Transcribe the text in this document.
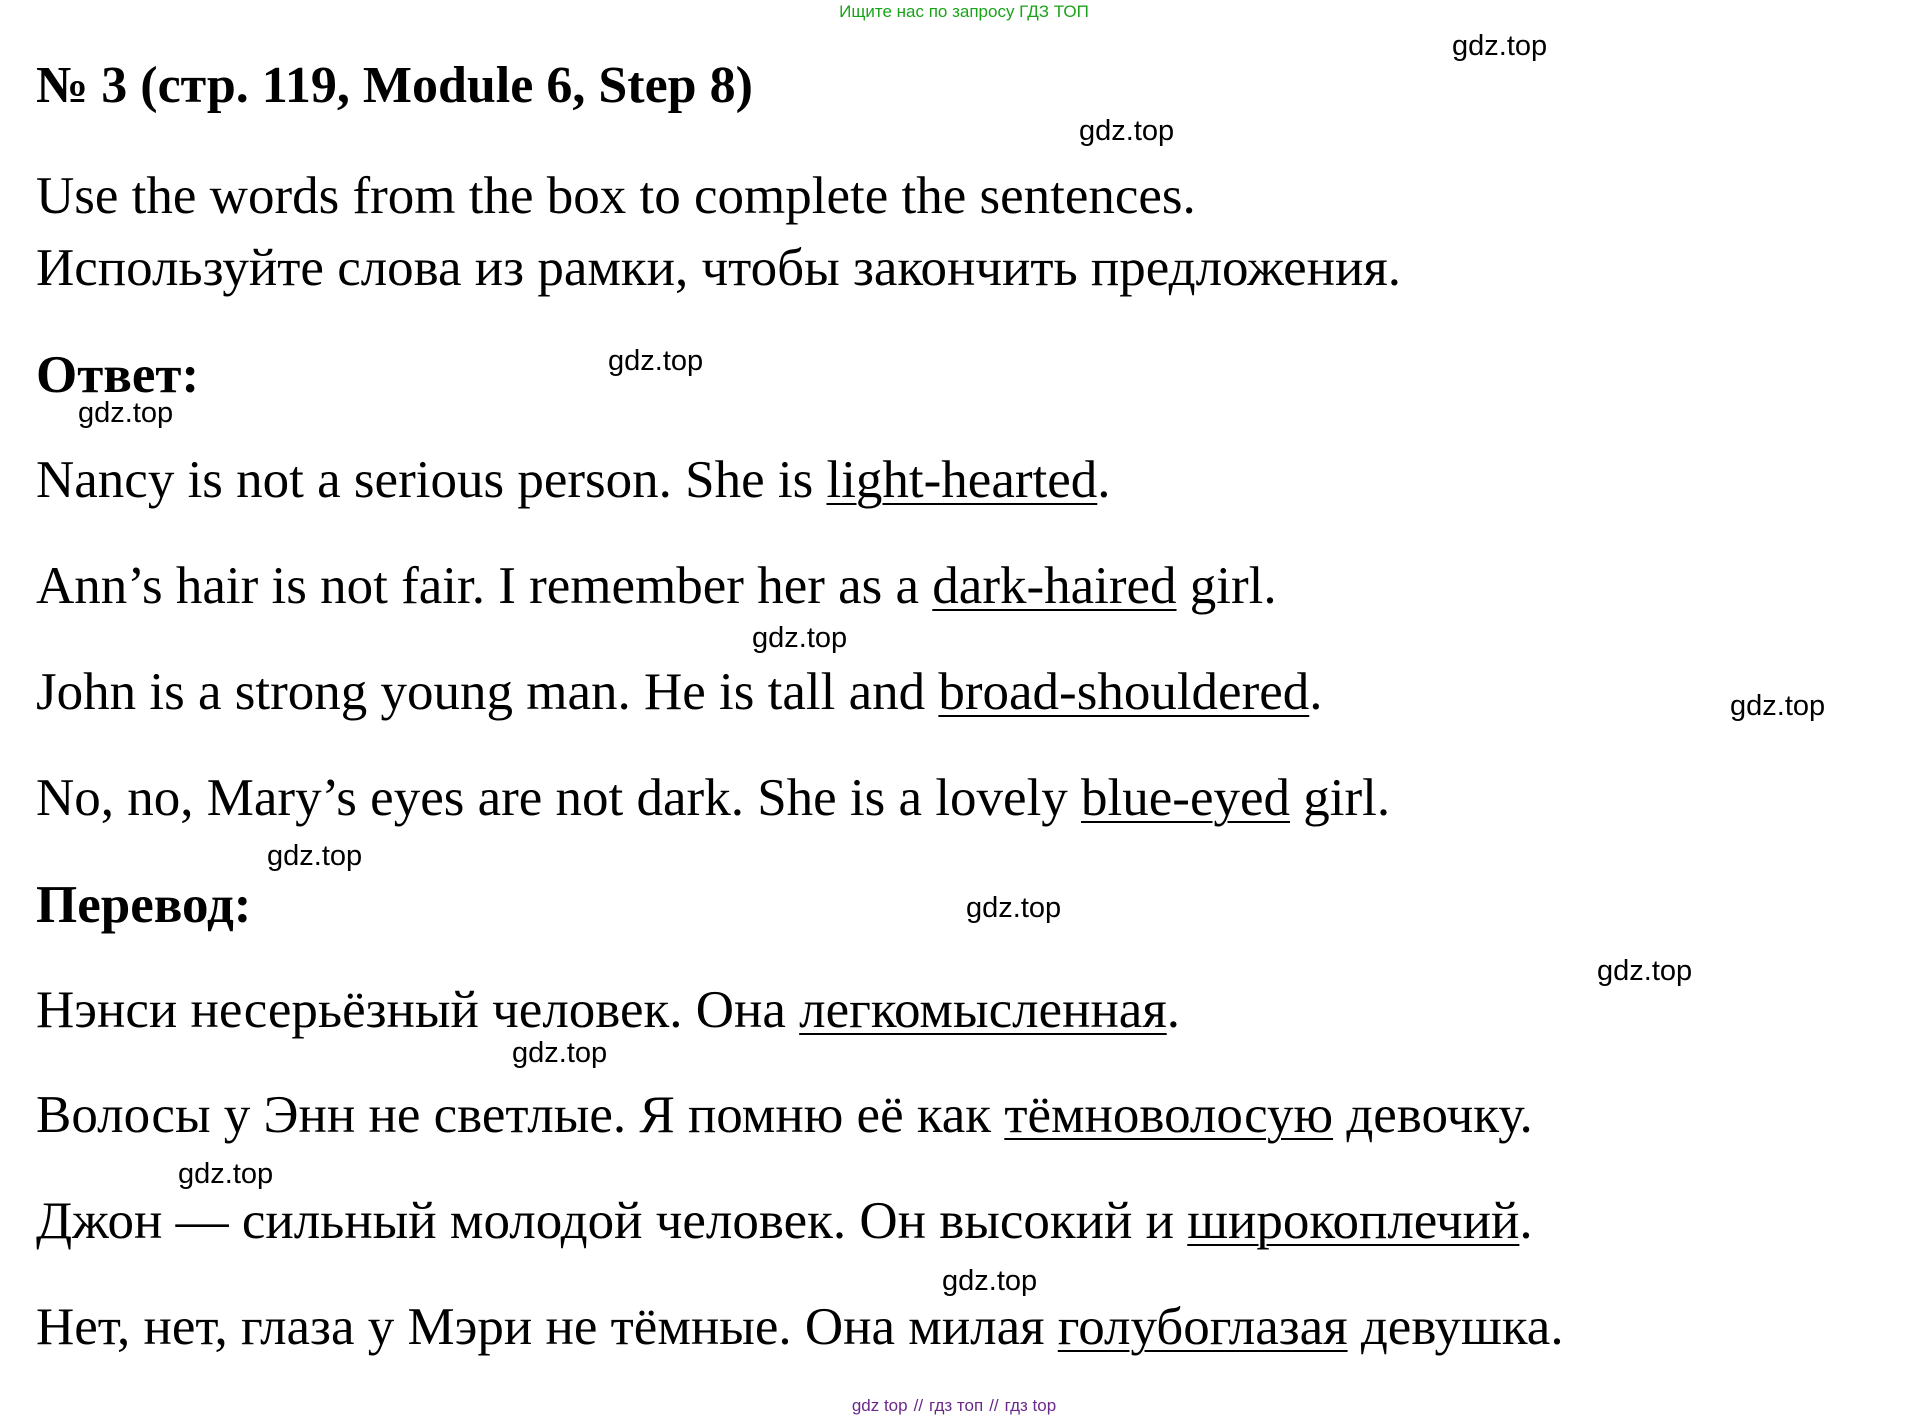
Ищите нас по запросу ГДЗ ТОП
№ 3 (стр. 119, Module 6, Step 8)
Use the words from the box to complete the sentences.
Используйте слова из рамки, чтобы закончить предложения.
Ответ:
Nancy is not a serious person. She is light-hearted.
Ann’s hair is not fair. I remember her as a dark-haired girl.
John is a strong young man. He is tall and broad-shouldered.
No, no, Mary’s eyes are not dark. She is a lovely blue-eyed girl.
Перевод:
Нэнси несерьёзный человек. Она легкомысленная.
Волосы у Энн не светлые. Я помню её как тёмноволосую девочку.
Джон — сильный молодой человек. Он высокий и широкоплечий.
Нет, нет, глаза у Мэри не тёмные. Она милая голубоглазая девушка.
gdz.top
gdz.top
gdz.top
gdz.top
gdz.top
gdz.top
gdz.top
gdz.top
gdz.top
gdz.top
gdz.top
gdz.top
gdz top // гдз топ // гдз top
